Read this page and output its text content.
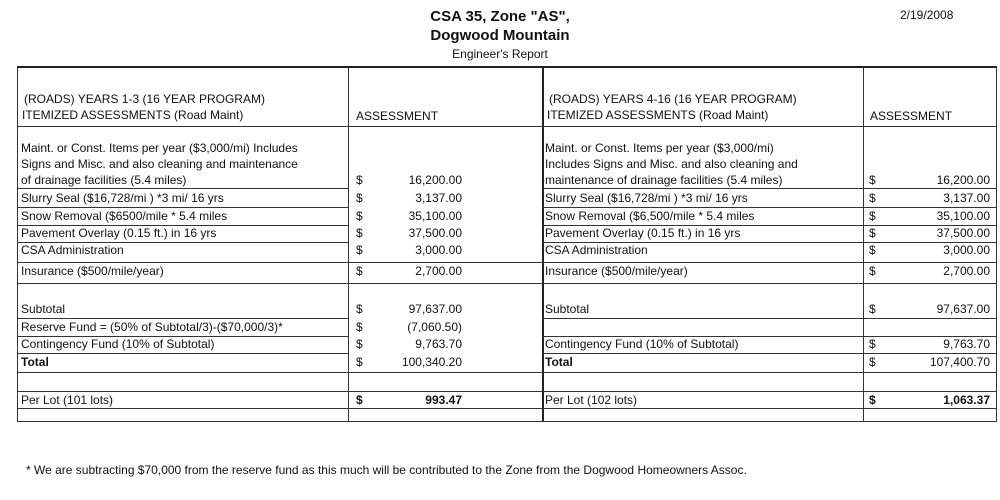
CSA 35, Zone "AS",
Dogwood Mountain
Engineer's Report
2/19/2008
(ROADS) YEARS 1-3 (16 YEAR PROGRAM)
ITEMIZED ASSESSMENTS (Road Maint)	ASSESSMENT
Maint. or Const. Items per year ($3,000/mi) Includes
Signs and Misc. and also cleaning and maintenance
of drainage facilities (5.4 miles)	$	16,200.00
Slurry Seal ($16,728/mi ) *3 mi/ 16 yrs	$	3,137.00
Snow Removal ($6500/mile * 5.4 miles	$	35,100.00
Pavement Overlay (0.15 ft.) in 16 yrs	$	37,500.00
CSA Administration	$	3,000.00
Insurance ($500/mile/year)	$	2,700.00
Subtotal	$	97,637.00
Reserve Fund = (50% of Subtotal/3)-($70,000/3)*	$	(7,060.50)
Contingency Fund (10% of Subtotal)	$	9,763.70
Total	$	100,340.20
Per Lot (101 lots)	$	993.47
(ROADS) YEARS 4-16 (16 YEAR PROGRAM)
ITEMIZED ASSESSMENTS (Road Maint)	ASSESSMENT
Maint. or Const. Items per year ($3,000/mi)
Includes Signs and Misc. and also cleaning and
maintenance of drainage facilities (5.4 miles)	$	16,200.00
Slurry Seal ($16,728/mi ) *3 mi/ 16 yrs	$	3,137.00
Snow Removal ($6,500/mile * 5.4 miles	$	35,100.00
Pavement Overlay (0.15 ft.) in 16 yrs	$	37,500.00
CSA Administration	$	3,000.00
Insurance ($500/mile/year)	$	2,700.00
Subtotal	$	97,637.00
Contingency Fund (10% of Subtotal)	$	9,763.70
Total	$	107,400.70
Per Lot (102 lots)	$	1,063.37
* We are subtracting $70,000 from the reserve fund as this much will be contributed to the Zone from the Dogwood Homeowners Assoc.
